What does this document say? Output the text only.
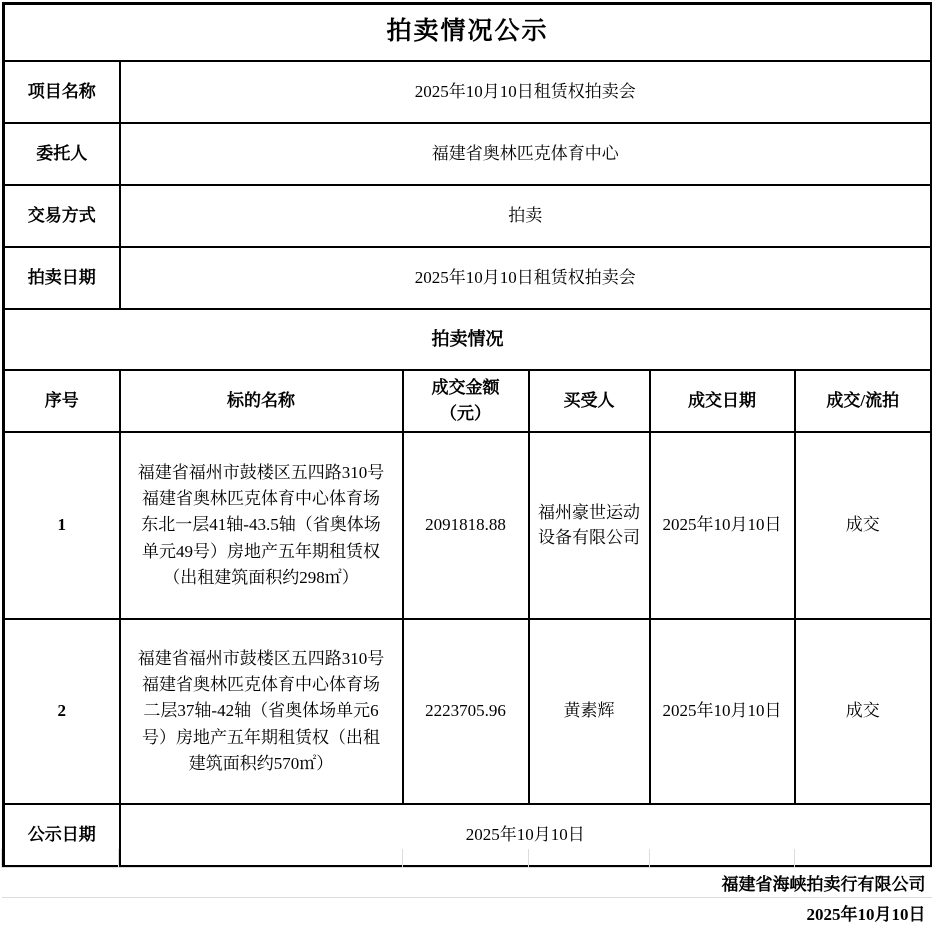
拍卖情况公示					
项目名称	2025年10月10日租赁权拍卖会				
委托人	福建省奥林匹克体育中心				
交易方式	拍卖				
拍卖日期	2025年10月10日租赁权拍卖会				
拍卖情况					
序号	标的名称	成交金额（元）	买受人	成交日期	成交/流拍
1	福建省福州市鼓楼区五四路310号福建省奥林匹克体育中心体育场东北一层41轴-43.5轴（省奥体场单元49号）房地产五年期租赁权（出租建筑面积约298㎡）	2091818.88	福州豪世运动设备有限公司	2025年10月10日	成交
2	福建省福州市鼓楼区五四路310号福建省奥林匹克体育中心体育场二层37轴-42轴（省奥体场单元6号）房地产五年期租赁权（出租建筑面积约570㎡）	2223705.96	黄素辉	2025年10月10日	成交
公示日期	2025年10月10日				

福建省海峡拍卖行有限公司
2025年10月10日
